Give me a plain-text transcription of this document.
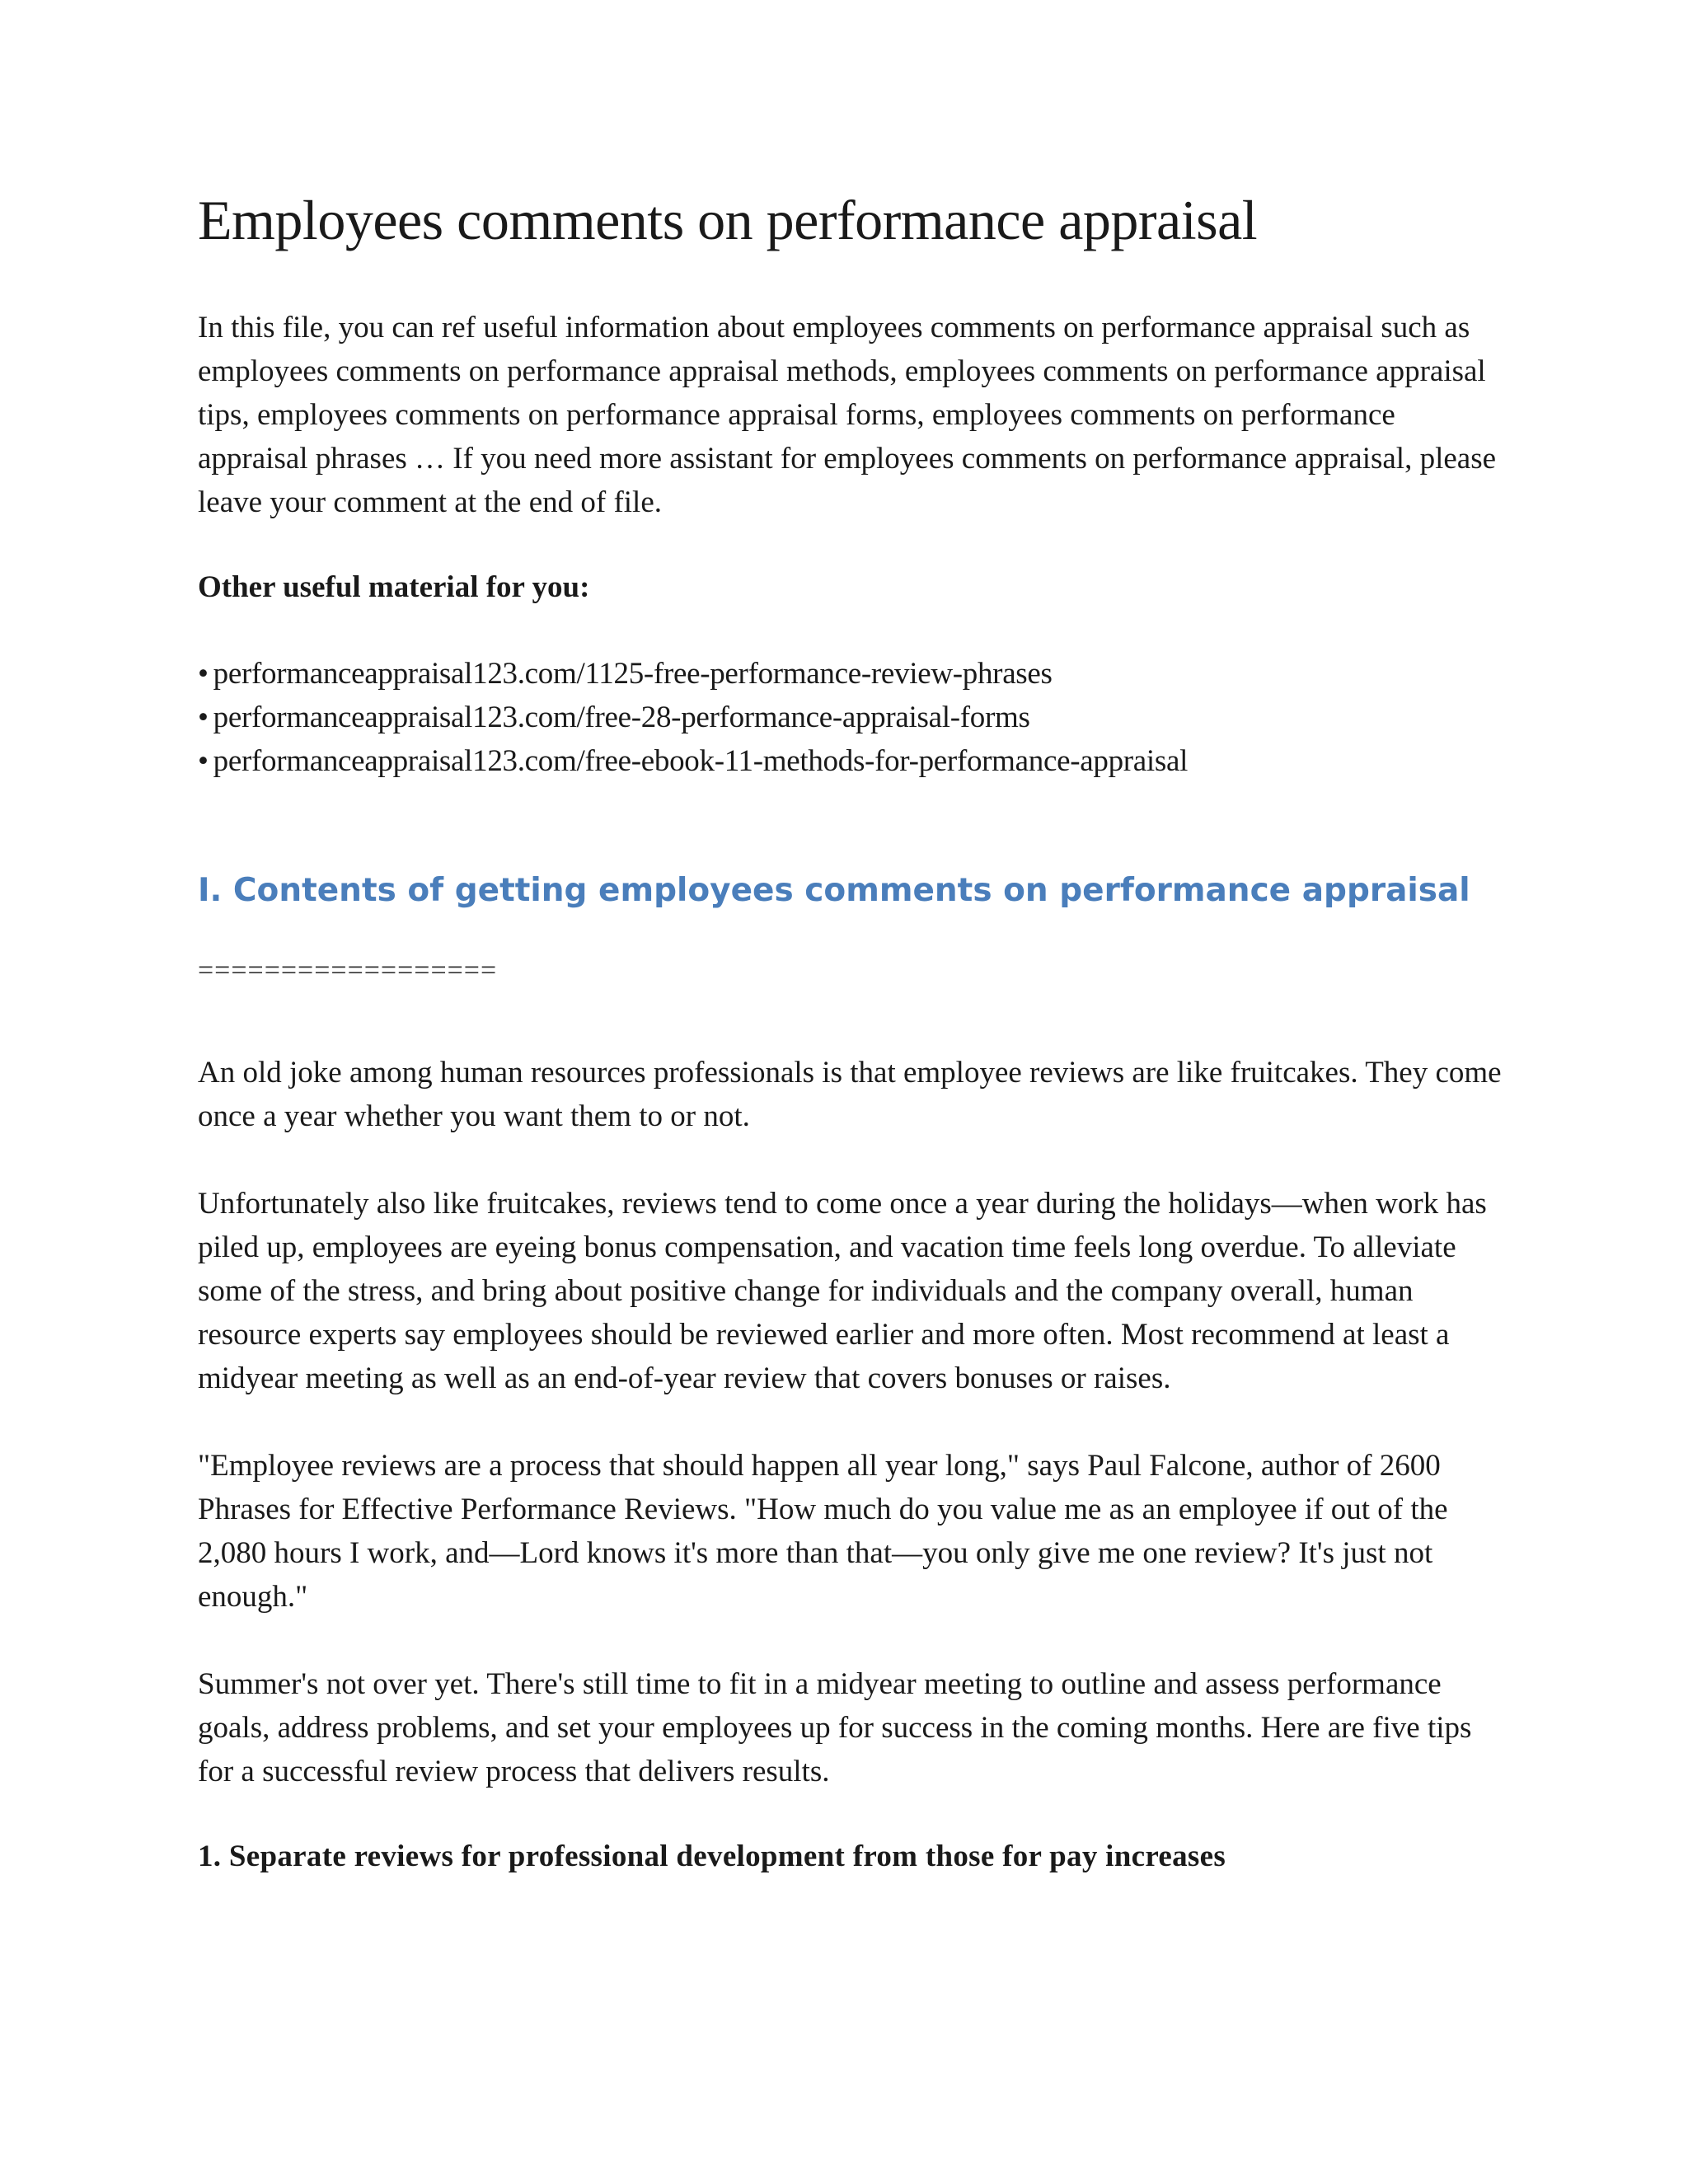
Employees comments on performance appraisal

In this file, you can ref useful information about employees comments on performance appraisal such as employees comments on performance appraisal methods, employees comments on performance appraisal tips, employees comments on performance appraisal forms, employees comments on performance appraisal phrases … If you need more assistant for employees comments on performance appraisal, please leave your comment at the end of file.

Other useful material for you:

• performanceappraisal123.com/1125-free-performance-review-phrases
• performanceappraisal123.com/free-28-performance-appraisal-forms
• performanceappraisal123.com/free-ebook-11-methods-for-performance-appraisal
I. Contents of getting employees comments on performance appraisal
==================

An old joke among human resources professionals is that employee reviews are like fruitcakes. They come once a year whether you want them to or not.

Unfortunately also like fruitcakes, reviews tend to come once a year during the holidays—when work has piled up, employees are eyeing bonus compensation, and vacation time feels long overdue. To alleviate some of the stress, and bring about positive change for individuals and the company overall, human resource experts say employees should be reviewed earlier and more often. Most recommend at least a midyear meeting as well as an end-of-year review that covers bonuses or raises.

"Employee reviews are a process that should happen all year long," says Paul Falcone, author of 2600 Phrases for Effective Performance Reviews. "How much do you value me as an employee if out of the 2,080 hours I work, and—Lord knows it's more than that—you only give me one review? It's just not enough."

Summer's not over yet. There's still time to fit in a midyear meeting to outline and assess performance goals, address problems, and set your employees up for success in the coming months. Here are five tips for a successful review process that delivers results.

1. Separate reviews for professional development from those for pay increases
